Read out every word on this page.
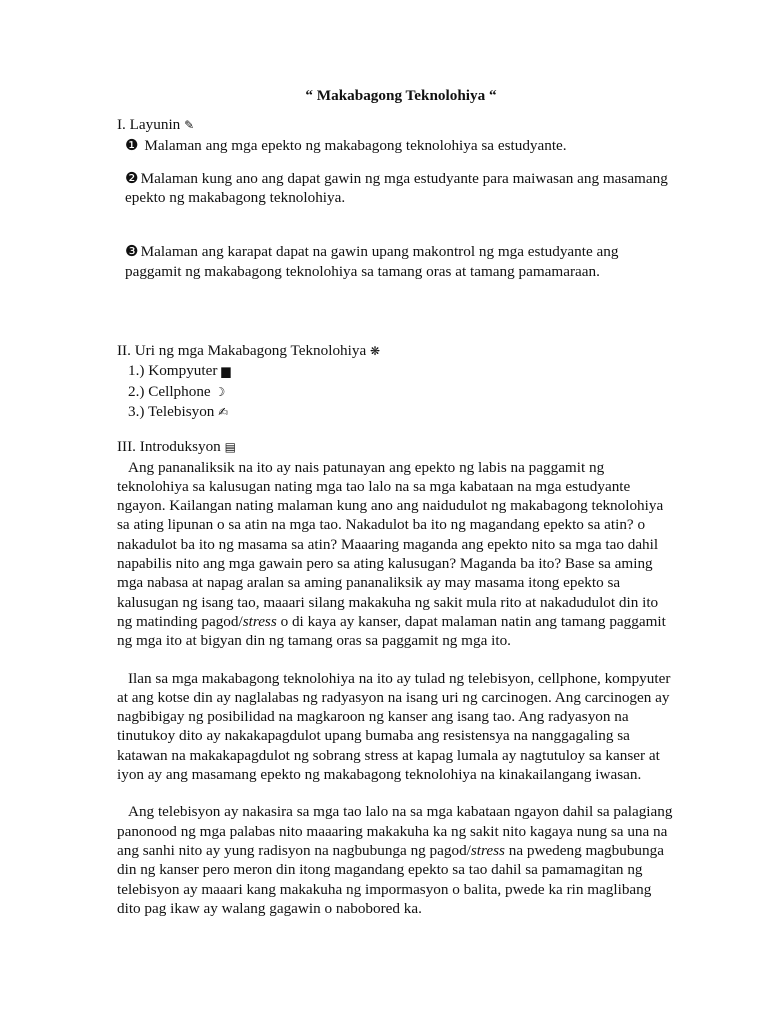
“ Makabagong Teknolohiya “

I. Layunin ✎

❶ Malaman ang mga epekto ng makabagong teknolohiya sa estudyante.

❷ Malaman kung ano ang dapat gawin ng mga estudyante para maiwasan ang masamang epekto ng makabagong teknolohiya.

❸ Malaman ang karapat dapat na gawin upang makontrol ng mga estudyante ang paggamit ng makabagong teknolohiya sa tamang oras at tamang pamamaraan.

II. Uri ng mga Makabagong Teknolohiya ❋

1.) Kompyuter ▆

2.) Cellphone ☽

3.) Telebisyon ✍

III. Introduksyon ▤

Ang pananaliksik na ito ay nais patunayan ang epekto ng labis na paggamit ng teknolohiya sa kalusugan nating mga tao lalo na sa mga kabataan na mga estudyante ngayon. Kailangan nating malaman kung ano ang naidudulot ng makabagong teknolohiya sa ating lipunan o sa atin na mga tao. Nakadulot ba ito ng magandang epekto sa atin? o nakadulot ba ito ng masama sa atin? Maaaring maganda ang epekto nito sa mga tao dahil napabilis nito ang mga gawain pero sa ating kalusugan? Maganda ba ito? Base sa aming mga nabasa at napag aralan sa aming pananaliksik ay may masama itong epekto sa kalusugan ng isang tao, maaari silang makakuha ng sakit mula rito at nakadudulot din ito ng matinding pagod/stress o di kaya ay kanser, dapat malaman natin ang tamang paggamit ng mga ito at bigyan din ng tamang oras sa paggamit ng mga ito.

Ilan sa mga makabagong teknolohiya na ito ay tulad ng telebisyon, cellphone, kompyuter at ang kotse din ay naglalabas ng radyasyon na isang uri ng carcinogen. Ang carcinogen ay nagbibigay ng posibilidad na magkaroon ng kanser ang isang tao. Ang radyasyon na tinutukoy dito ay nakakapagdulot upang bumaba ang resistensya na nanggagaling sa katawan na makakapagdulot ng sobrang stress at kapag lumala ay nagtutuloy sa kanser at iyon ay ang masamang epekto ng makabagong teknolohiya na kinakailangang iwasan.

Ang telebisyon ay nakasira sa mga tao lalo na sa mga kabataan ngayon dahil sa palagiang panonood ng mga palabas nito maaaring makakuha ka ng sakit nito kagaya nung sa una na ang sanhi nito ay yung radisyon na nagbubunga ng pagod/stress na pwedeng magbubunga din ng kanser pero meron din itong magandang epekto sa tao dahil sa pamamagitan ng telebisyon ay maaari kang makakuha ng impormasyon o balita, pwede ka rin maglibang dito pag ikaw ay walang gagawin o nabobored ka.
